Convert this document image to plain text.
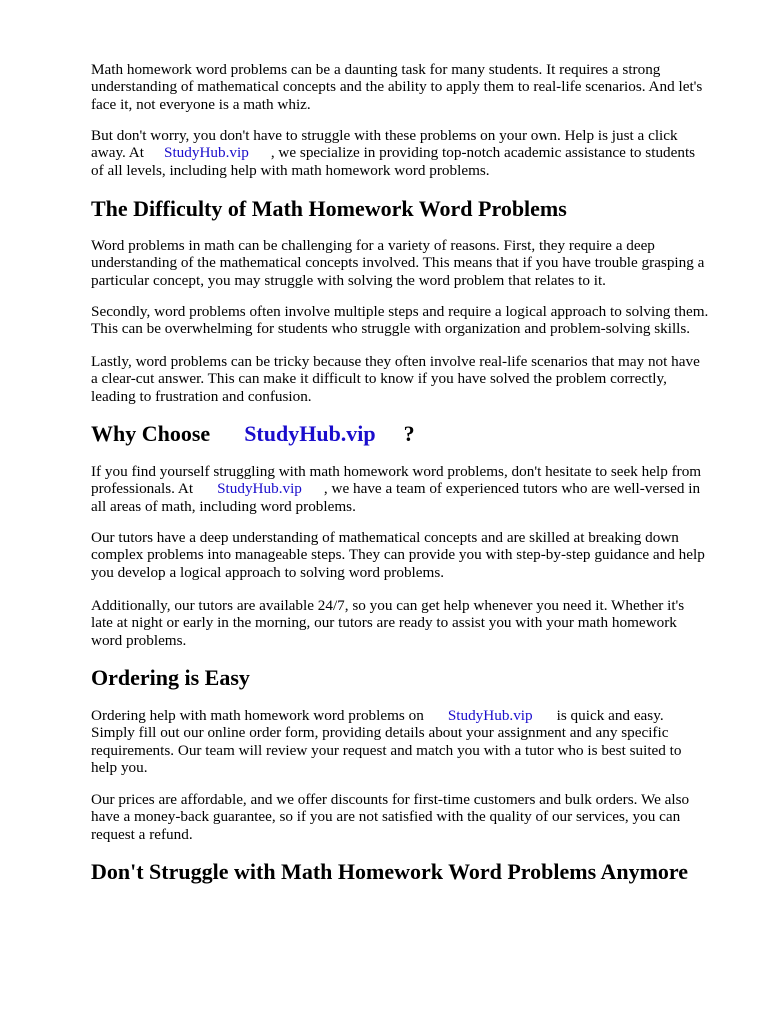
Math homework word problems can be a daunting task for many students. It requires a strong
understanding of mathematical concepts and the ability to apply them to real-life scenarios. And let's
face it, not everyone is a math whiz.

But don't worry, you don't have to struggle with these problems on your own. Help is just a click
away. At StudyHub.vip , we specialize in providing top-notch academic assistance to students
of all levels, including help with math homework word problems.

The Difficulty of Math Homework Word Problems

Word problems in math can be challenging for a variety of reasons. First, they require a deep
understanding of the mathematical concepts involved. This means that if you have trouble grasping a
particular concept, you may struggle with solving the word problem that relates to it.

Secondly, word problems often involve multiple steps and require a logical approach to solving them.
This can be overwhelming for students who struggle with organization and problem-solving skills.

Lastly, word problems can be tricky because they often involve real-life scenarios that may not have
a clear-cut answer. This can make it difficult to know if you have solved the problem correctly,
leading to frustration and confusion.

Why Choose StudyHub.vip ?

If you find yourself struggling with math homework word problems, don't hesitate to seek help from
professionals. At StudyHub.vip , we have a team of experienced tutors who are well-versed in
all areas of math, including word problems.

Our tutors have a deep understanding of mathematical concepts and are skilled at breaking down
complex problems into manageable steps. They can provide you with step-by-step guidance and help
you develop a logical approach to solving word problems.

Additionally, our tutors are available 24/7, so you can get help whenever you need it. Whether it's
late at night or early in the morning, our tutors are ready to assist you with your math homework
word problems.

Ordering is Easy

Ordering help with math homework word problems on StudyHub.vip is quick and easy.
Simply fill out our online order form, providing details about your assignment and any specific
requirements. Our team will review your request and match you with a tutor who is best suited to
help you.

Our prices are affordable, and we offer discounts for first-time customers and bulk orders. We also
have a money-back guarantee, so if you are not satisfied with the quality of our services, you can
request a refund.

Don't Struggle with Math Homework Word Problems Anymore
